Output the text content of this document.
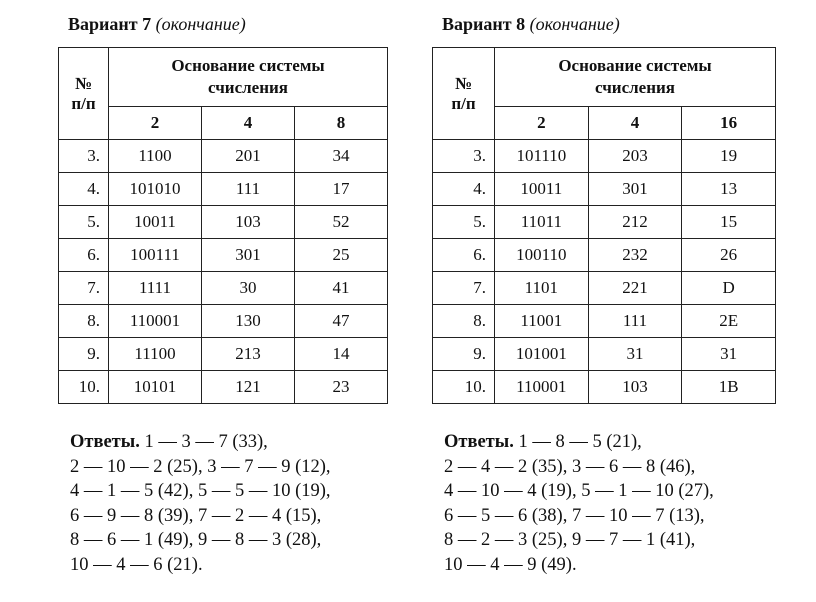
Вариант 7 (окончание)
№
п/п	Основание системы
счисления		
	2	4	8
3.	1100	201	34
4.	101010	111	17
5.	10011	103	52
6.	100111	301	25
7.	1111	30	41
8.	110001	130	47
9.	11100	213	14
10.	10101	121	23
Ответы. 1 — 3 — 7 (33),
2 — 10 — 2 (25), 3 — 7 — 9 (12),
4 — 1 — 5 (42), 5 — 5 — 10 (19),
6 — 9 — 8 (39), 7 — 2 — 4 (15),
8 — 6 — 1 (49), 9 — 8 — 3 (28),
10 — 4 — 6 (21).
Вариант 8 (окончание)
№
п/п	Основание системы
счисления		
	2	4	16
3.	101110	203	19
4.	10011	301	13
5.	11011	212	15
6.	100110	232	26
7.	1101	221	D
8.	11001	111	2E
9.	101001	31	31
10.	110001	103	1B
Ответы. 1 — 8 — 5 (21),
2 — 4 — 2 (35), 3 — 6 — 8 (46),
4 — 10 — 4 (19), 5 — 1 — 10 (27),
6 — 5 — 6 (38), 7 — 10 — 7 (13),
8 — 2 — 3 (25), 9 — 7 — 1 (41),
10 — 4 — 9 (49).
